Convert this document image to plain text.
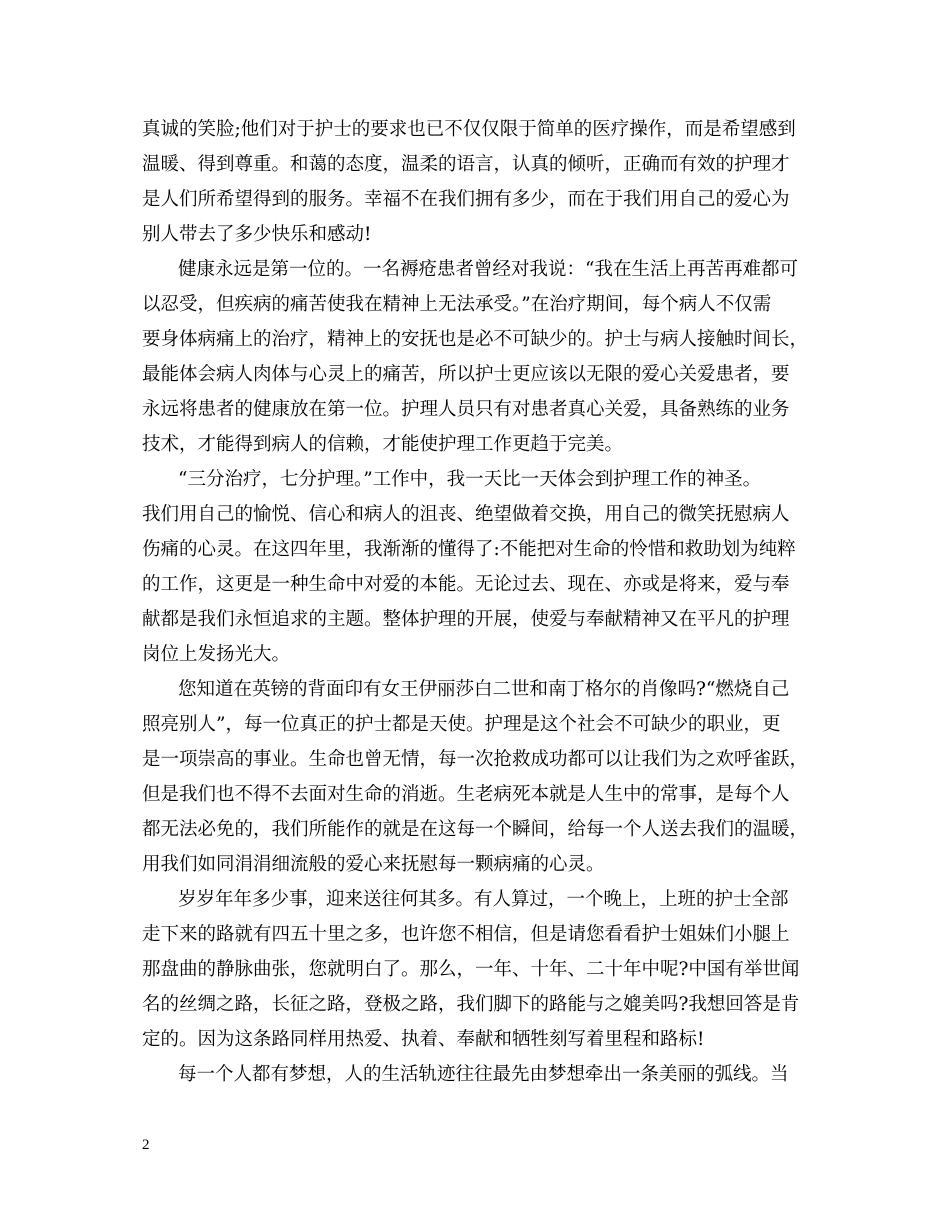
真诚的笑脸;他们对于护士的要求也已不仅仅限于简单的医疗操作，而是希望感到

温暖、得到尊重。和蔼的态度，温柔的语言，认真的倾听，正确而有效的护理才

是人们所希望得到的服务。幸福不在我们拥有多少，而在于我们用自己的爱心为

别人带去了多少快乐和感动!

健康永远是第一位的。一名褥疮患者曾经对我说：“我在生活上再苦再难都可

以忍受，但疾病的痛苦使我在精神上无法承受。”在治疗期间，每个病人不仅需

要身体病痛上的治疗，精神上的安抚也是必不可缺少的。护士与病人接触时间长，

最能体会病人肉体与心灵上的痛苦，所以护士更应该以无限的爱心关爱患者，要

永远将患者的健康放在第一位。护理人员只有对患者真心关爱，具备熟练的业务

技术，才能得到病人的信赖，才能使护理工作更趋于完美。

“三分治疗，七分护理。”工作中，我一天比一天体会到护理工作的神圣。

我们用自己的愉悦、信心和病人的沮丧、绝望做着交换，用自己的微笑抚慰病人

伤痛的心灵。在这四年里，我渐渐的懂得了:不能把对生命的怜惜和救助划为纯粹

的工作，这更是一种生命中对爱的本能。无论过去、现在、亦或是将来，爱与奉

献都是我们永恒追求的主题。整体护理的开展，使爱与奉献精神又在平凡的护理

岗位上发扬光大。

您知道在英镑的背面印有女王伊丽莎白二世和南丁格尔的肖像吗?“燃烧自己

照亮别人”，每一位真正的护士都是天使。护理是这个社会不可缺少的职业，更

是一项崇高的事业。生命也曾无情，每一次抢救成功都可以让我们为之欢呼雀跃，

但是我们也不得不去面对生命的消逝。生老病死本就是人生中的常事，是每个人

都无法必免的，我们所能作的就是在这每一个瞬间，给每一个人送去我们的温暖，

用我们如同涓涓细流般的爱心来抚慰每一颗病痛的心灵。

岁岁年年多少事，迎来送往何其多。有人算过，一个晚上，上班的护士全部

走下来的路就有四五十里之多，也许您不相信，但是请您看看护士姐妹们小腿上

那盘曲的静脉曲张，您就明白了。那么，一年、十年、二十年中呢?中国有举世闻

名的丝绸之路，长征之路，登极之路，我们脚下的路能与之媲美吗?我想回答是肯

定的。因为这条路同样用热爱、执着、奉献和牺牲刻写着里程和路标!

每一个人都有梦想，人的生活轨迹往往最先由梦想牵出一条美丽的弧线。当

2
